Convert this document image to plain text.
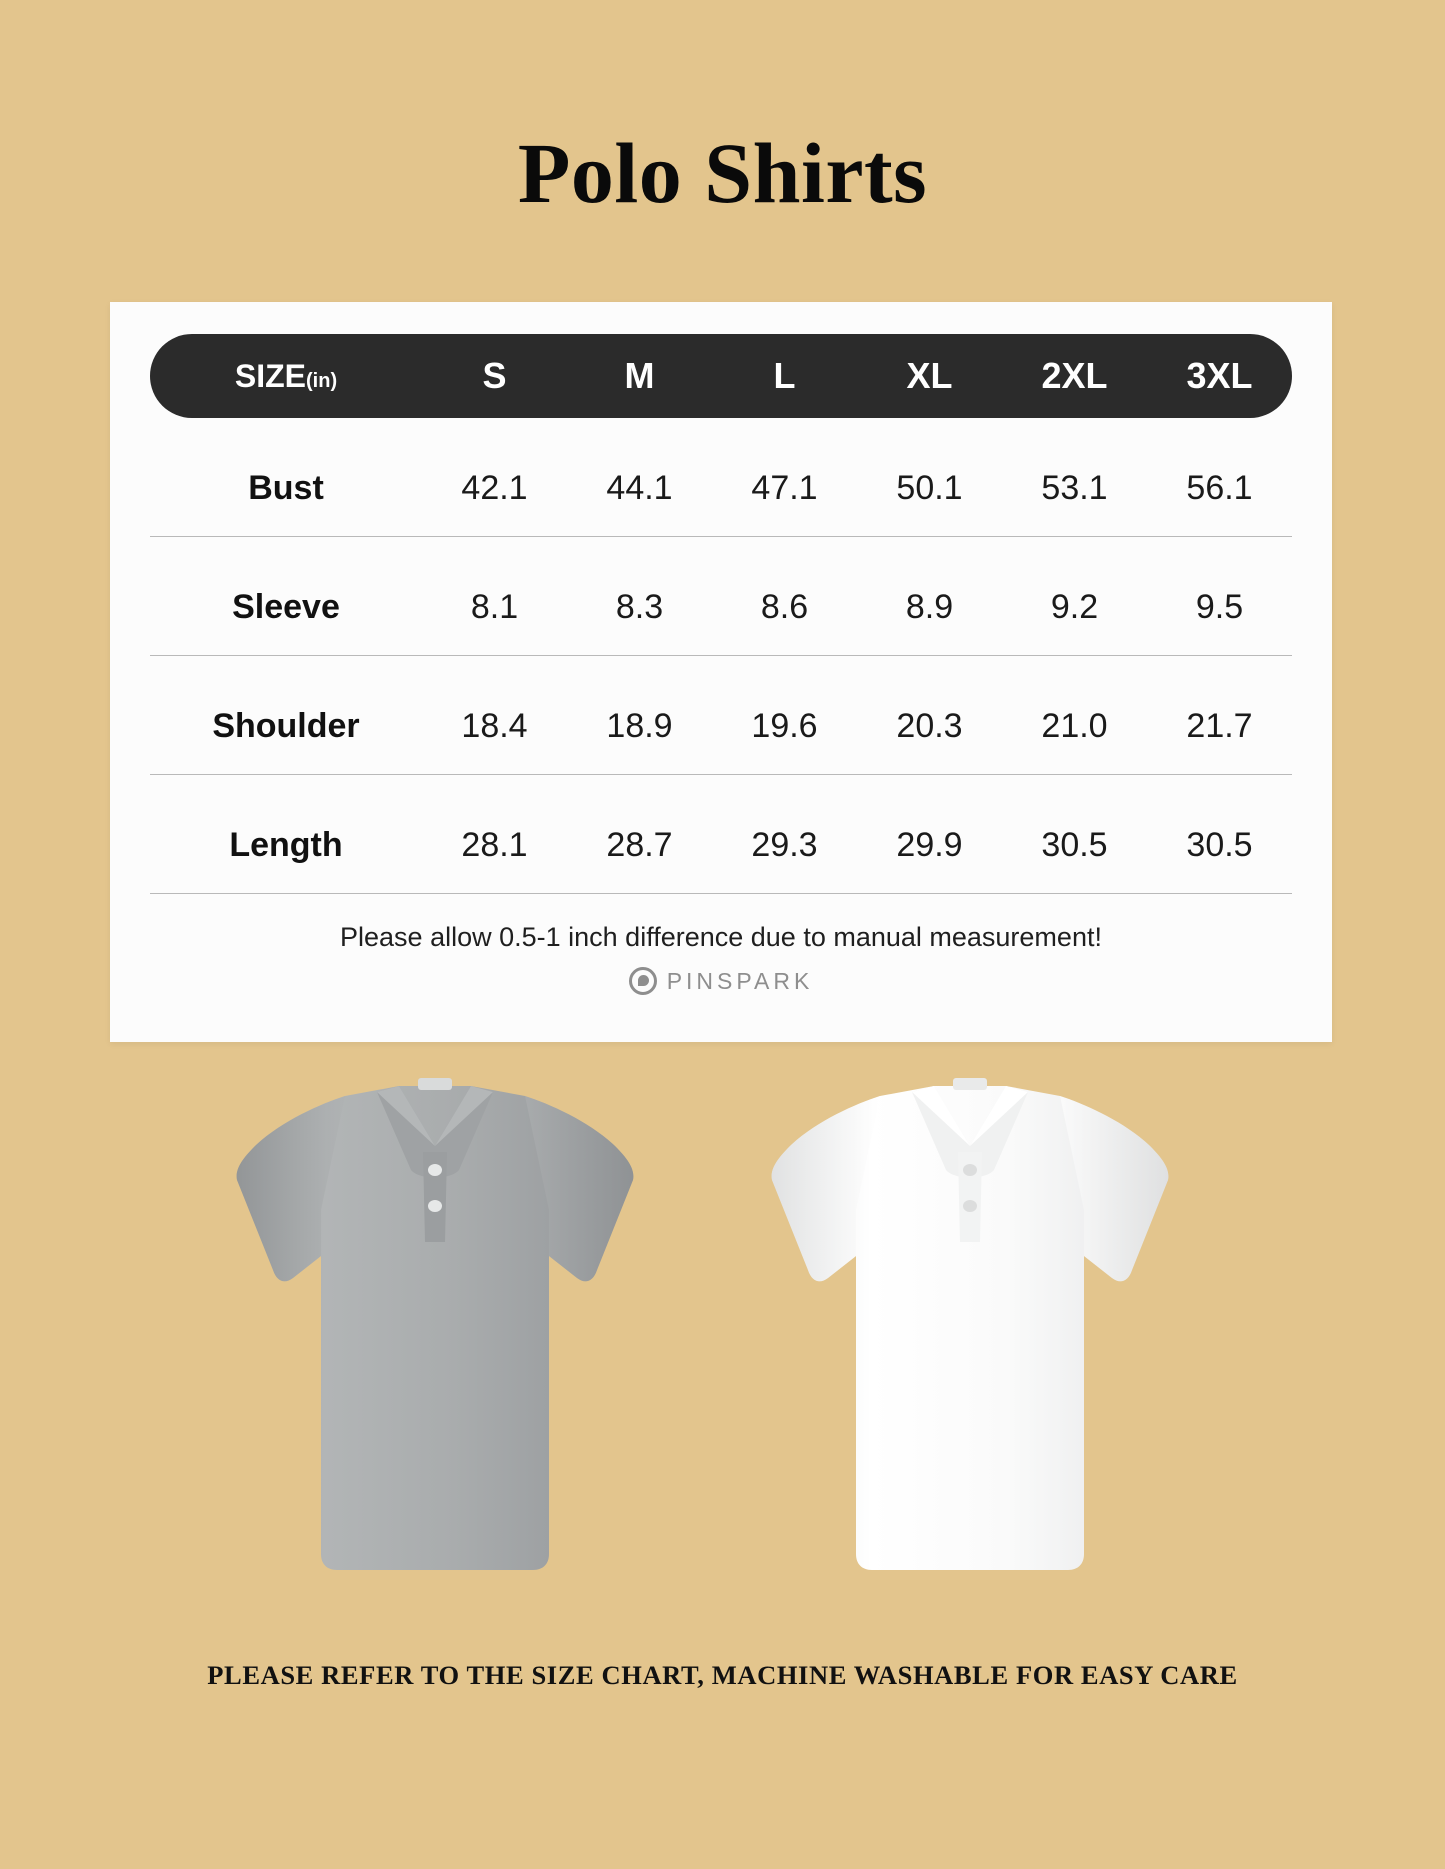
Polo Shirts
SIZE(in)	S	M	L	XL	2XL	3XL
Bust	42.1	44.1	47.1	50.1	53.1	56.1
Sleeve	8.1	8.3	8.6	8.9	9.2	9.5
Shoulder	18.4	18.9	19.6	20.3	21.0	21.7
Length	28.1	28.7	29.3	29.9	30.5	30.5
Please allow 0.5-1 inch difference due to manual measurement!
PINSPARK
PLEASE REFER TO THE SIZE CHART, MACHINE WASHABLE FOR EASY CARE
